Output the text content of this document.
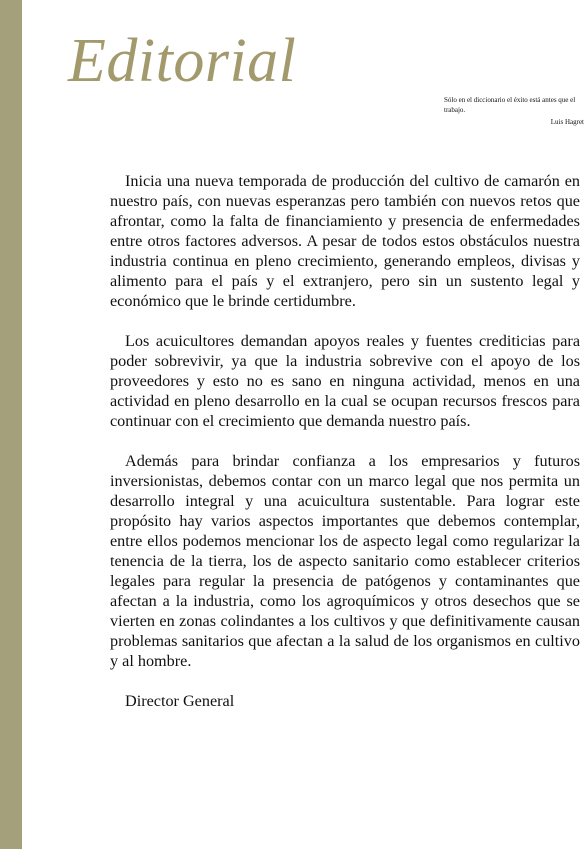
Editorial
Sólo en el diccionario el éxito está antes que el trabajo.
Luis Hagret

Inicia una nueva temporada de producción del cultivo de camarón en nuestro país, con nuevas esperanzas pero también con nuevos retos que afrontar, como la falta de financiamiento y presencia de enfermedades entre otros factores adversos. A pesar de todos estos obstáculos nuestra industria continua en pleno crecimiento, generando empleos, divisas y alimento para el país y el extranjero, pero sin un sustento legal y económico que le brinde certidumbre.

Los acuicultores demandan apoyos reales y fuentes crediticias para poder sobrevivir, ya que la industria sobrevive con el apoyo de los proveedores y esto no es sano en ninguna actividad, menos en una actividad en pleno desarrollo en la cual se ocupan recursos frescos para continuar con el crecimiento que demanda nuestro país.

Además para brindar confianza a los empresarios y futuros inversionistas, debemos contar con un marco legal que nos permita un desarrollo integral y una acuicultura sustentable. Para lograr este propósito hay varios aspectos importantes que debemos contemplar, entre ellos podemos mencionar los de aspecto legal como regularizar la tenencia de la tierra, los de aspecto sanitario como establecer criterios legales para regular la presencia de patógenos y contaminantes que afectan a la industria, como los agroquímicos y otros desechos que se vierten en zonas colindantes a los cultivos y que definitivamente causan problemas sanitarios que afectan a la salud de los organismos en cultivo y al hombre.

Director General
